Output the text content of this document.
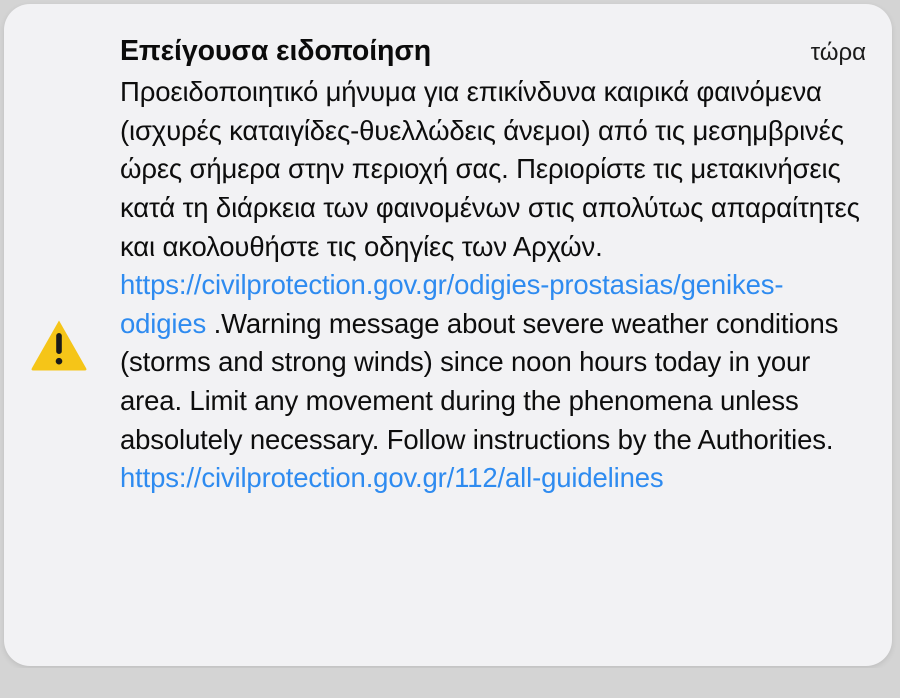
Επείγουσα ειδοποίηση	τώρα
Προειδοποιητικό μήνυμα για επικίνδυνα καιρικά φαινόμενα (ισχυρές καταιγίδες-θυελλώδεις άνεμοι) από τις μεσημβρινές ώρες σήμερα στην περιοχή σας. Περιορίστε τις μετακινήσεις κατά τη διάρκεια των φαινομένων στις απολύτως απαραίτητες και ακολουθήστε τις οδηγίες των Αρχών. https://civilprotection.gov.gr/odigies-prostasias/genikes-odigies .Warning message about severe weather conditions (storms and strong winds) since noon hours today in your area. Limit any movement during the phenomena unless absolutely necessary. Follow instructions by the Authorities. https://civilprotection.gov.gr/112/all-guidelines
